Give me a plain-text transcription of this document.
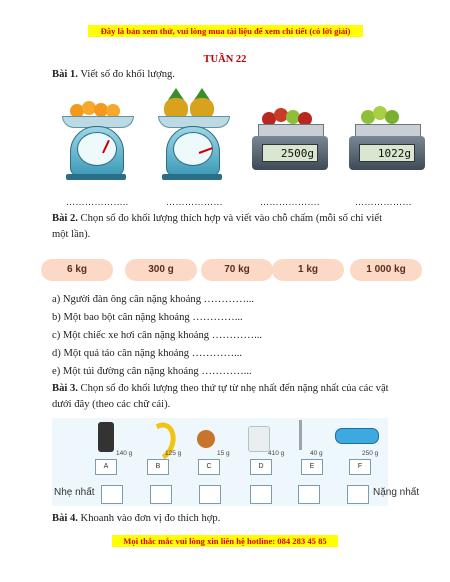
Đây là bản xem thử, vui lòng mua tài liệu để xem chi tiết (có lời giải)
TUẦN 22
Bài 1. Viết số đo khối lượng.
2500g	1022g
………………..	………………	……………….	………………
Bài 2. Chọn số đo khối lượng thích hợp và viết vào chỗ chấm (mỗi số chỉ viết một lần).
6 kg	300 g	70 kg	1 kg	1 000 kg
a) Người đàn ông cân nặng khoảng …………...
b) Một bao bột cân nặng khoảng …………...
c) Một chiếc xe hơi cân nặng khoảng …………...
d) Một quả táo cân nặng khoảng …………...
e) Một túi đường cân nặng khoảng …………...
Bài 3. Chọn số đo khối lượng theo thứ tự từ nhẹ nhất đến nặng nhất của các vật dưới đây (theo các chữ cái).
140 g	125 g	15 g	410 g	40 g	250 g
A	B	C	D	E	F
Nhẹ nhất	Nặng nhất
Bài 4. Khoanh vào đơn vị đo thích hợp.
Mọi thắc mắc vui lòng xin liên hệ hotline: 084 283 45 85
